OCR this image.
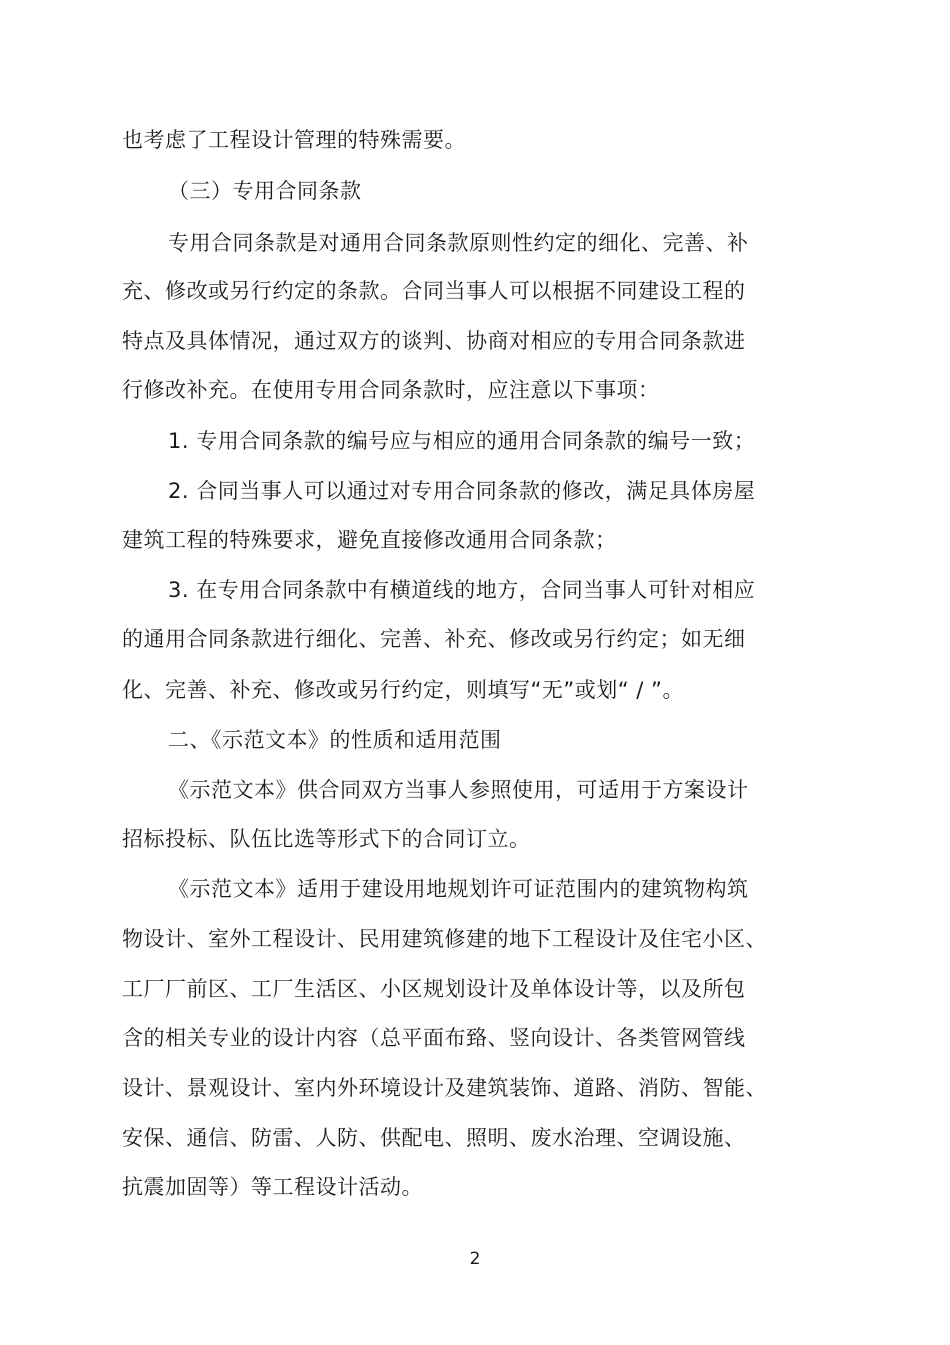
也考虑了工程设计管理的特殊需要。
（三）专用合同条款
专用合同条款是对通用合同条款原则性约定的细化、完善、补
充、修改或另行约定的条款。合同当事人可以根据不同建设工程的
特点及具体情况，通过双方的谈判、协商对相应的专用合同条款进
行修改补充。在使用专用合同条款时，应注意以下事项：
1. 专用合同条款的编号应与相应的通用合同条款的编号一致；
2. 合同当事人可以通过对专用合同条款的修改，满足具体房屋
建筑工程的特殊要求，避免直接修改通用合同条款；
3. 在专用合同条款中有横道线的地方，合同当事人可针对相应
的通用合同条款进行细化、完善、补充、修改或另行约定；如无细
化、完善、补充、修改或另行约定，则填写“无”或划“ / ”。
二、《示范文本》的性质和适用范围
《示范文本》供合同双方当事人参照使用，可适用于方案设计
招标投标、队伍比选等形式下的合同订立。
《示范文本》适用于建设用地规划许可证范围内的建筑物构筑
物设计、室外工程设计、民用建筑修建的地下工程设计及住宅小区、
工厂厂前区、工厂生活区、小区规划设计及单体设计等，以及所包
含的相关专业的设计内容（总平面布臵、竖向设计、各类管网管线
设计、景观设计、室内外环境设计及建筑装饰、道路、消防、智能、
安保、通信、防雷、人防、供配电、照明、废水治理、空调设施、
抗震加固等）等工程设计活动。
2
